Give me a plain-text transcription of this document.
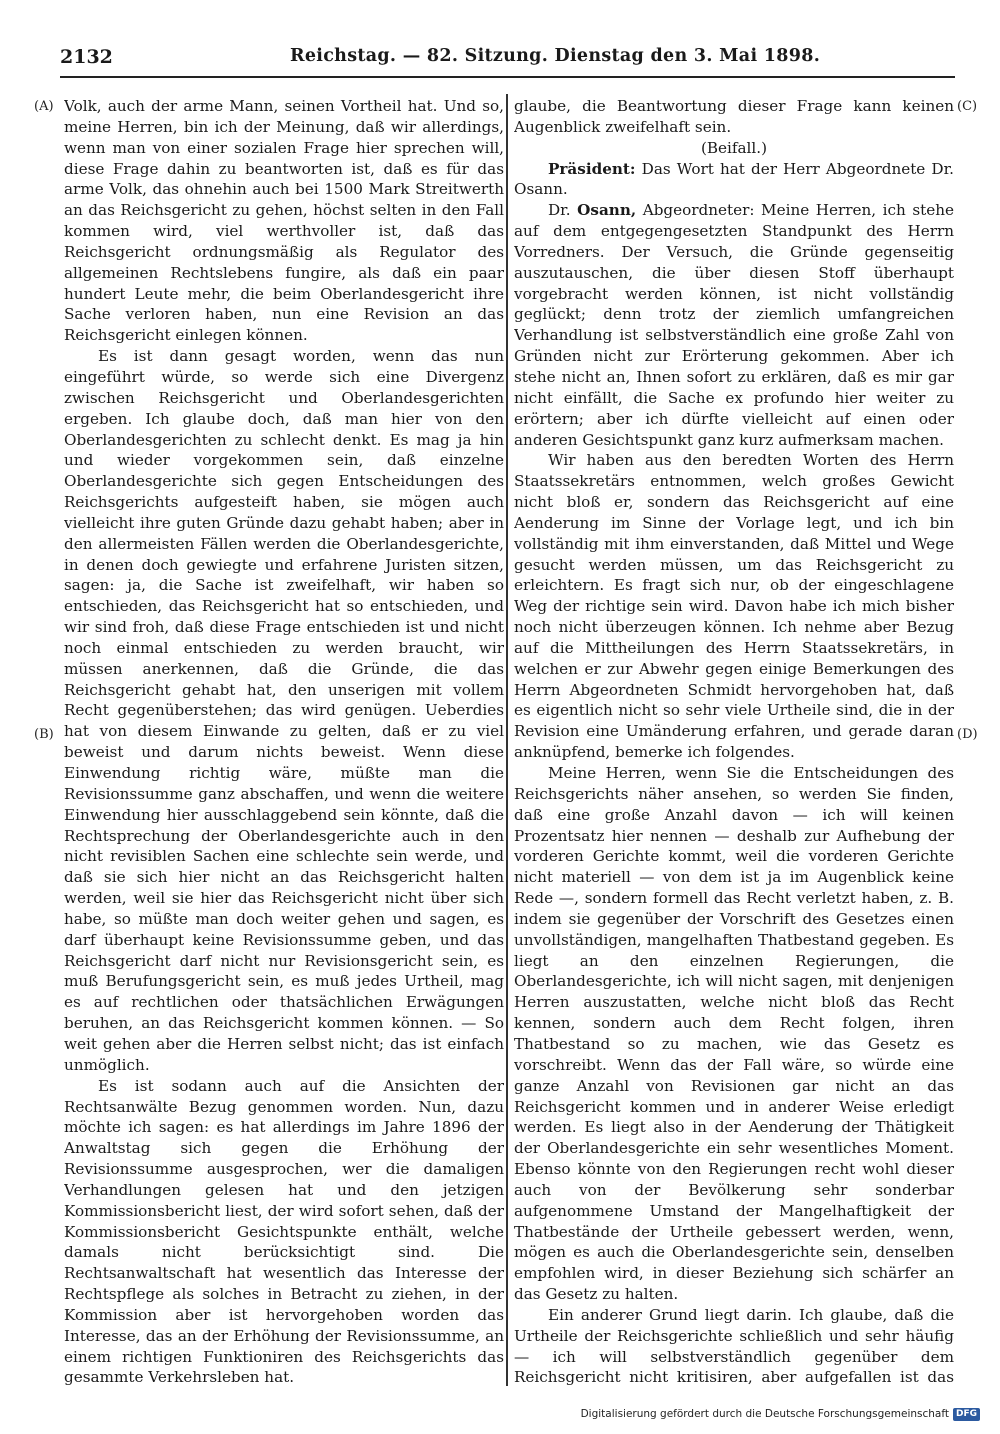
2132	Reichstag. — 82. Sitzung. Dienstag den 3. Mai 1898.
(A)
(B)
(C)
(D)

Volk, auch der arme Mann, seinen Vortheil hat. Und so, meine Herren, bin ich der Meinung, daß wir allerdings, wenn man von einer sozialen Frage hier sprechen will, diese Frage dahin zu beantworten ist, daß es für das arme Volk, das ohnehin auch bei 1500 Mark Streitwerth an das Reichsgericht zu gehen, höchst selten in den Fall kommen wird, viel werthvoller ist, daß das Reichsgericht ordnungsmäßig als Regulator des allgemeinen Rechtslebens fungire, als daß ein paar hundert Leute mehr, die beim Oberlandesgericht ihre Sache verloren haben, nun eine Revision an das Reichsgericht einlegen können.

Es ist dann gesagt worden, wenn das nun eingeführt würde, so werde sich eine Divergenz zwischen Reichsgericht und Oberlandesgerichten ergeben. Ich glaube doch, daß man hier von den Oberlandesgerichten zu schlecht denkt. Es mag ja hin und wieder vorgekommen sein, daß einzelne Oberlandesgerichte sich gegen Entscheidungen des Reichsgerichts aufgesteift haben, sie mögen auch vielleicht ihre guten Gründe dazu gehabt haben; aber in den allermeisten Fällen werden die Oberlandesgerichte, in denen doch gewiegte und erfahrene Juristen sitzen, sagen: ja, die Sache ist zweifelhaft, wir haben so entschieden, das Reichsgericht hat so entschieden, und wir sind froh, daß diese Frage entschieden ist und nicht noch einmal entschieden zu werden braucht, wir müssen anerkennen, daß die Gründe, die das Reichsgericht gehabt hat, den unserigen mit vollem Recht gegenüberstehen; das wird genügen. Ueberdies hat von diesem Einwande zu gelten, daß er zu viel beweist und darum nichts beweist. Wenn diese Einwendung richtig wäre, müßte man die Revisionssumme ganz abschaffen, und wenn die weitere Einwendung hier ausschlaggebend sein könnte, daß die Rechtsprechung der Oberlandesgerichte auch in den nicht revisiblen Sachen eine schlechte sein werde, und daß sie sich hier nicht an das Reichsgericht halten werden, weil sie hier das Reichsgericht nicht über sich habe, so müßte man doch weiter gehen und sagen, es darf überhaupt keine Revisionssumme geben, und das Reichsgericht darf nicht nur Revisionsgericht sein, es muß Berufungsgericht sein, es muß jedes Urtheil, mag es auf rechtlichen oder thatsächlichen Erwägungen beruhen, an das Reichsgericht kommen können. — So weit gehen aber die Herren selbst nicht; das ist einfach unmöglich.

Es ist sodann auch auf die Ansichten der Rechtsanwälte Bezug genommen worden. Nun, dazu möchte ich sagen: es hat allerdings im Jahre 1896 der Anwaltstag sich gegen die Erhöhung der Revisionssumme ausgesprochen, wer die damaligen Verhandlungen gelesen hat und den jetzigen Kommissionsbericht liest, der wird sofort sehen, daß der Kommissionsbericht Gesichtspunkte enthält, welche damals nicht berücksichtigt sind. Die Rechtsanwaltschaft hat wesentlich das Interesse der Rechtspflege als solches in Betracht zu ziehen, in der Kommission aber ist hervorgehoben worden das Interesse, das an der Erhöhung der Revisionssumme, an einem richtigen Funktioniren des Reichsgerichts das gesammte Verkehrsleben hat.

glaube, die Beantwortung dieser Frage kann keinen Augenblick zweifelhaft sein.

(Beifall.)

Präsident: Das Wort hat der Herr Abgeordnete Dr. Osann.

Dr. Osann, Abgeordneter: Meine Herren, ich stehe auf dem entgegengesetzten Standpunkt des Herrn Vorredners. Der Versuch, die Gründe gegenseitig auszutauschen, die über diesen Stoff überhaupt vorgebracht werden können, ist nicht vollständig geglückt; denn trotz der ziemlich umfangreichen Verhandlung ist selbstverständlich eine große Zahl von Gründen nicht zur Erörterung gekommen. Aber ich stehe nicht an, Ihnen sofort zu erklären, daß es mir gar nicht einfällt, die Sache ex profundo hier weiter zu erörtern; aber ich dürfte vielleicht auf einen oder anderen Gesichtspunkt ganz kurz aufmerksam machen.

Wir haben aus den beredten Worten des Herrn Staatssekretärs entnommen, welch großes Gewicht nicht bloß er, sondern das Reichsgericht auf eine Aenderung im Sinne der Vorlage legt, und ich bin vollständig mit ihm einverstanden, daß Mittel und Wege gesucht werden müssen, um das Reichsgericht zu erleichtern. Es fragt sich nur, ob der eingeschlagene Weg der richtige sein wird. Davon habe ich mich bisher noch nicht überzeugen können. Ich nehme aber Bezug auf die Mittheilungen des Herrn Staatssekretärs, in welchen er zur Abwehr gegen einige Bemerkungen des Herrn Abgeordneten Schmidt hervorgehoben hat, daß es eigentlich nicht so sehr viele Urtheile sind, die in der Revision eine Umänderung erfahren, und gerade daran anknüpfend, bemerke ich folgendes.

Meine Herren, wenn Sie die Entscheidungen des Reichsgerichts näher ansehen, so werden Sie finden, daß eine große Anzahl davon — ich will keinen Prozentsatz hier nennen — deshalb zur Aufhebung der vorderen Gerichte kommt, weil die vorderen Gerichte nicht materiell — von dem ist ja im Augenblick keine Rede —, sondern formell das Recht verletzt haben, z. B. indem sie gegenüber der Vorschrift des Gesetzes einen unvollständigen, mangelhaften Thatbestand gegeben. Es liegt an den einzelnen Regierungen, die Oberlandesgerichte, ich will nicht sagen, mit denjenigen Herren auszustatten, welche nicht bloß das Recht kennen, sondern auch dem Recht folgen, ihren Thatbestand so zu machen, wie das Gesetz es vorschreibt. Wenn das der Fall wäre, so würde eine ganze Anzahl von Revisionen gar nicht an das Reichsgericht kommen und in anderer Weise erledigt werden. Es liegt also in der Aenderung der Thätigkeit der Oberlandesgerichte ein sehr wesentliches Moment. Ebenso könnte von den Regierungen recht wohl dieser auch von der Bevölkerung sehr sonderbar aufgenommene Umstand der Mangelhaftigkeit der Thatbestände der Urtheile gebessert werden, wenn, mögen es auch die Oberlandesgerichte sein, denselben empfohlen wird, in dieser Beziehung sich schärfer an das Gesetz zu halten.

Ein anderer Grund liegt darin. Ich glaube, daß die Urtheile der Reichsgerichte schließlich und sehr häufig — ich will selbstverständlich gegenüber dem Reichsgericht nicht kritisiren, aber aufgefallen ist das

Digitalisierung gefördert durch die Deutsche Forschungsgemeinschaft DFG
